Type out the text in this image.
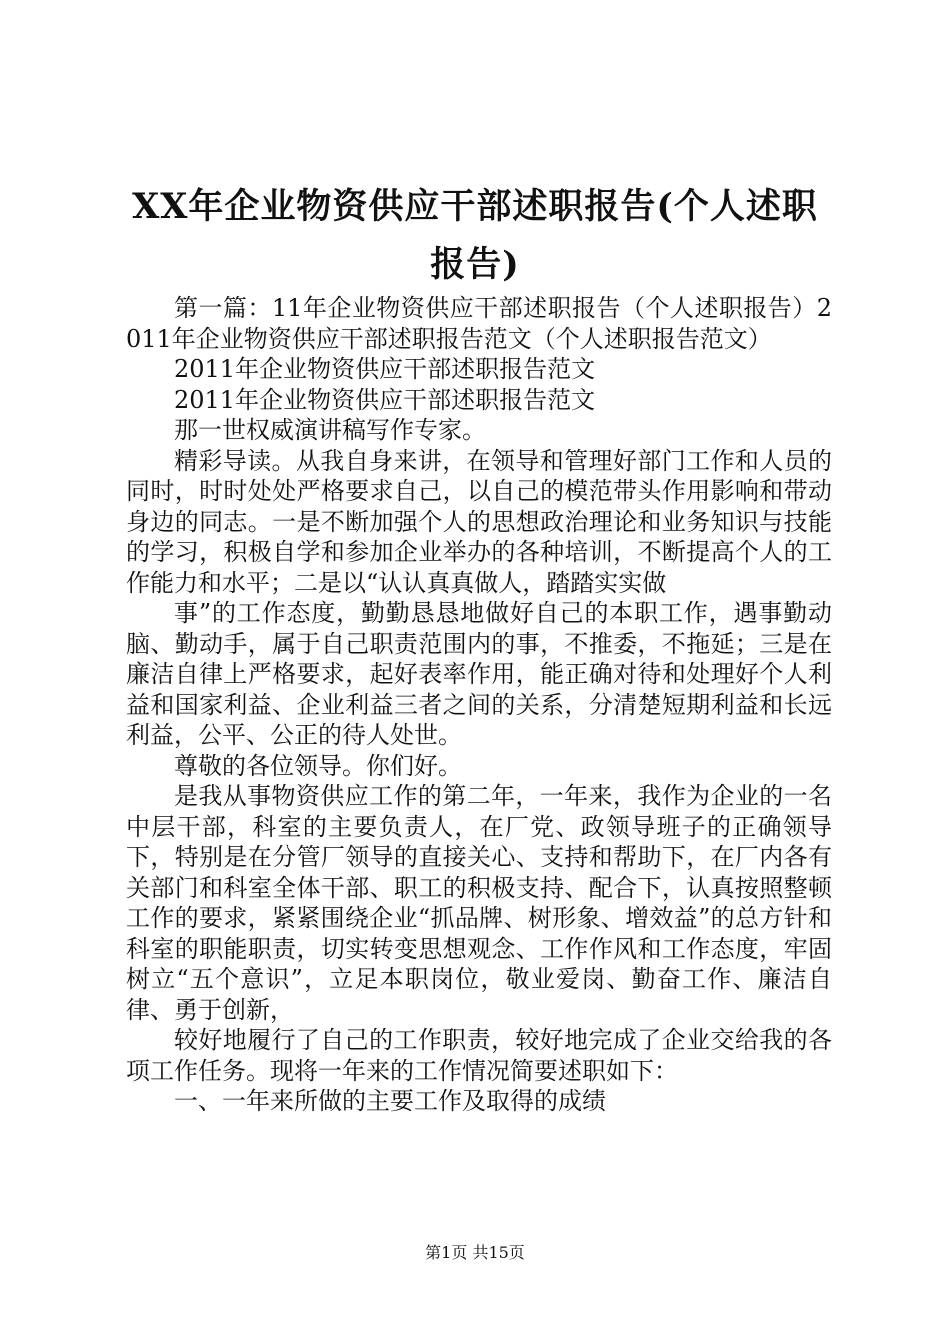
XX年企业物资供应干部述职报告(个人述职报告)

第一篇：11年企业物资供应干部述职报告（个人述职报告）2011年企业物资供应干部述职报告范文（个人述职报告范文）

2011年企业物资供应干部述职报告范文

2011年企业物资供应干部述职报告范文

那一世权威演讲稿写作专家。

精彩导读。从我自身来讲，在领导和管理好部门工作和人员的同时，时时处处严格要求自己，以自己的模范带头作用影响和带动身边的同志。一是不断加强个人的思想政治理论和业务知识与技能的学习，积极自学和参加企业举办的各种培训，不断提高个人的工作能力和水平；二是以“认认真真做人，踏踏实实做

事”的工作态度，勤勤恳恳地做好自己的本职工作，遇事勤动脑、勤动手，属于自己职责范围内的事，不推委，不拖延；三是在廉洁自律上严格要求，起好表率作用，能正确对待和处理好个人利益和国家利益、企业利益三者之间的关系，分清楚短期利益和长远利益，公平、公正的待人处世。

尊敬的各位领导。你们好。

是我从事物资供应工作的第二年，一年来，我作为企业的一名中层干部，科室的主要负责人，在厂党、政领导班子的正确领导下，特别是在分管厂领导的直接关心、支持和帮助下，在厂内各有关部门和科室全体干部、职工的积极支持、配合下，认真按照整顿工作的要求，紧紧围绕企业“抓品牌、树形象、增效益”的总方针和科室的职能职责，切实转变思想观念、工作作风和工作态度，牢固树立“五个意识”，立足本职岗位，敬业爱岗、勤奋工作、廉洁自律、勇于创新，

较好地履行了自己的工作职责，较好地完成了企业交给我的各项工作任务。现将一年来的工作情况简要述职如下：

一、一年来所做的主要工作及取得的成绩

第1页 共15页
